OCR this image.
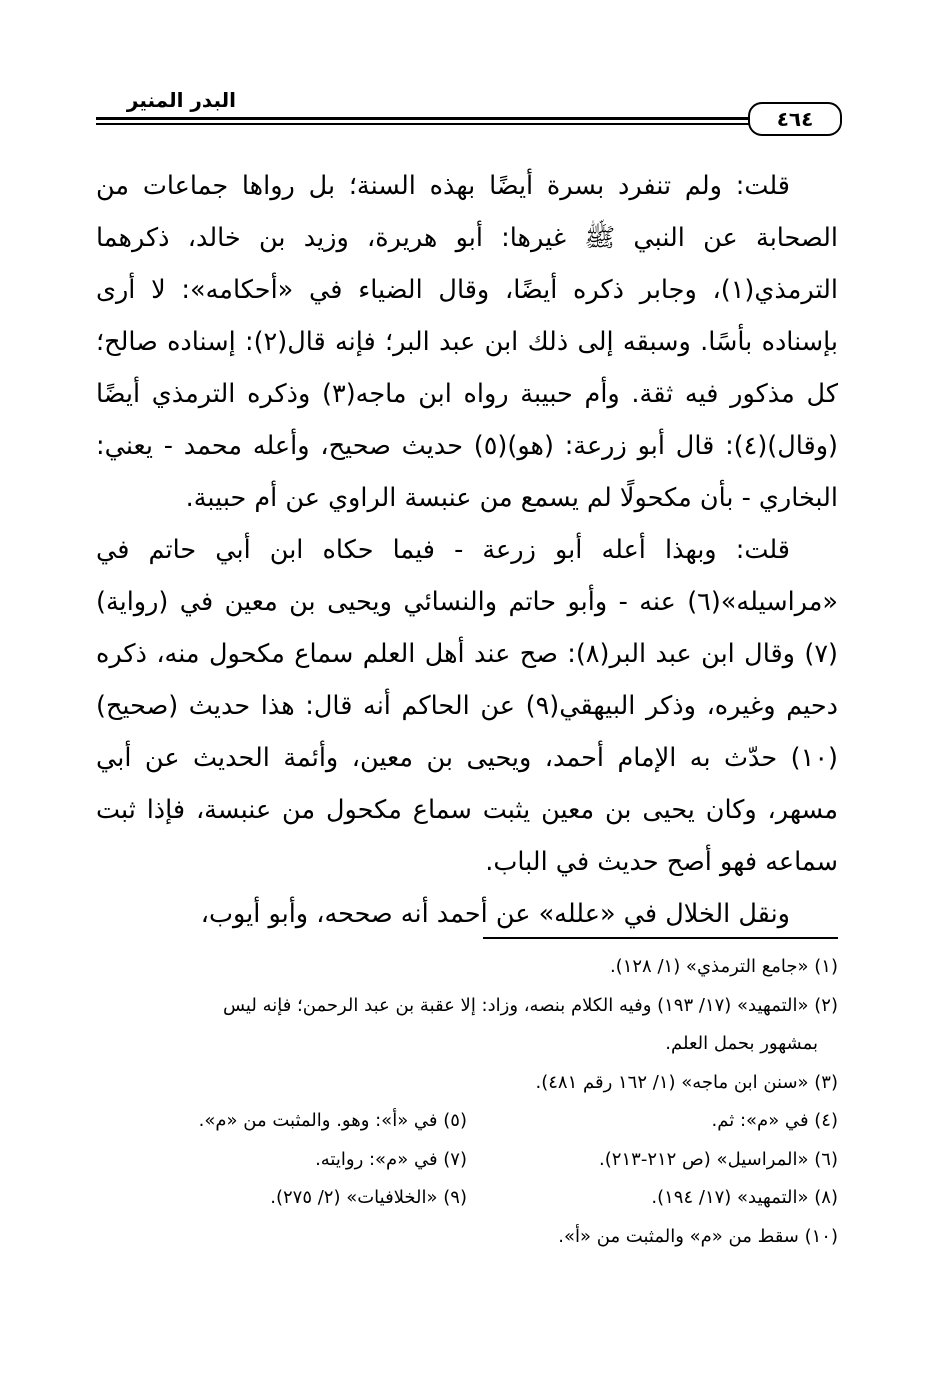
البدر المنير
٤٦٤

قلت: ولم تنفرد بسرة أيضًا بهذه السنة؛ بل رواها جماعات من الصحابة عن النبي ﷺ غيرها: أبو هريرة، وزيد بن خالد، ذكرهما الترمذي(١)، وجابر ذكره أيضًا، وقال الضياء في «أحكامه»: لا أرى بإسناده بأسًا. وسبقه إلى ذلك ابن عبد البر؛ فإنه قال(٢): إسناده صالح؛ كل مذكور فيه ثقة. وأم حبيبة رواه ابن ماجه(٣) وذكره الترمذي أيضًا (وقال)(٤): قال أبو زرعة: (هو)(٥) حديث صحيح، وأعله محمد - يعني: البخاري - بأن مكحولًا لم يسمع من عنبسة الراوي عن أم حبيبة.

قلت: وبهذا أعله أبو زرعة - فيما حكاه ابن أبي حاتم في «مراسيله»(٦) عنه - وأبو حاتم والنسائي ويحيى بن معين في (رواية)(٧) وقال ابن عبد البر(٨): صح عند أهل العلم سماع مكحول منه، ذكره دحيم وغيره، وذكر البيهقي(٩) عن الحاكم أنه قال: هذا حديث (صحيح)(١٠) حدّث به الإمام أحمد، ويحيى بن معين، وأئمة الحديث عن أبي مسهر، وكان يحيى بن معين يثبت سماع مكحول من عنبسة، فإذا ثبت سماعه فهو أصح حديث في الباب.

ونقل الخلال في «علله» عن أحمد أنه صححه، وأبو أيوب،

(١) «جامع الترمذي» (١/ ١٢٨).
(٢) «التمهيد» (١٧/ ١٩٣) وفيه الكلام بنصه، وزاد: إلا عقبة بن عبد الرحمن؛ فإنه ليس
بمشهور بحمل العلم.
(٣) «سنن ابن ماجه» (١/ ١٦٢ رقم ٤٨١).
(٤) في «م»: ثم.
(٥) في «أ»: وهو. والمثبت من «م».
(٦) «المراسيل» (ص ٢١٢-٢١٣).
(٧) في «م»: روايته.
(٨) «التمهيد» (١٧/ ١٩٤).
(٩) «الخلافيات» (٢/ ٢٧٥).
(١٠) سقط من «م» والمثبت من «أ».
